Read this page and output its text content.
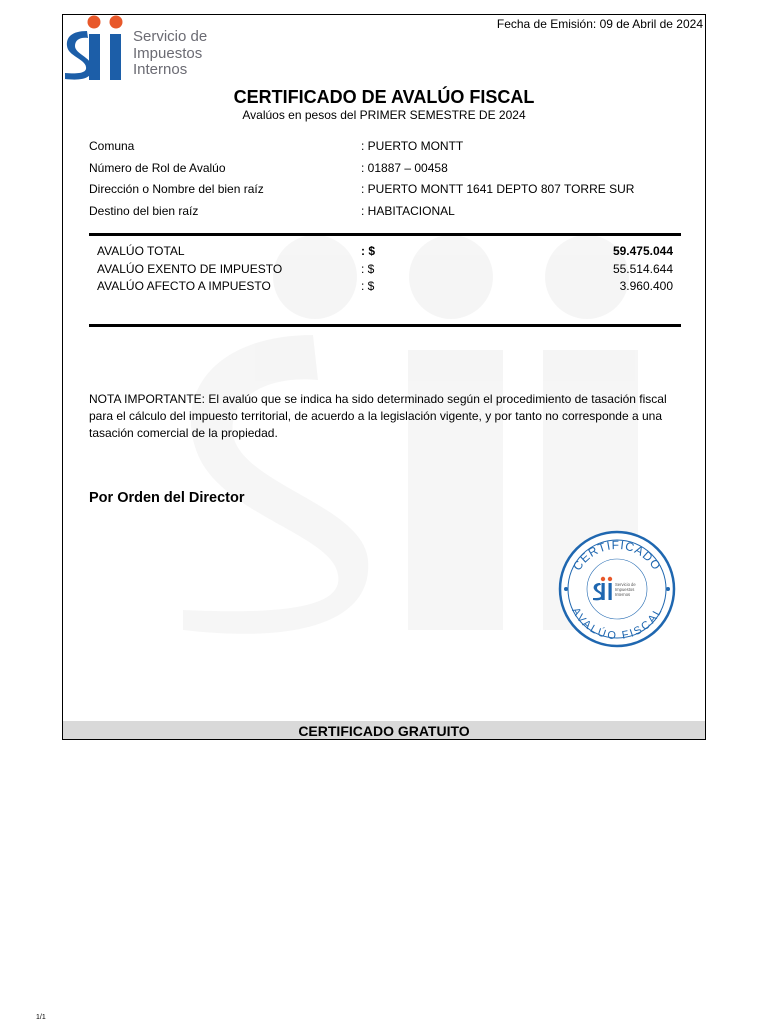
Fecha de Emisión: 09 de Abril de 2024
Servicio de
Impuestos
Internos
CERTIFICADO DE AVALÚO FISCAL
Avalúos en pesos del PRIMER SEMESTRE DE 2024
Comuna	: PUERTO MONTT
Número de Rol de Avalúo	: 01887 – 00458
Dirección o Nombre del bien raíz	: PUERTO MONTT 1641 DEPTO 807 TORRE SUR
Destino del bien raíz	: HABITACIONAL
AVALÚO TOTAL	: $	59.475.044
AVALÚO EXENTO DE IMPUESTO	: $	55.514.644
AVALÚO AFECTO A IMPUESTO	: $	3.960.400
NOTA IMPORTANTE: El avalúo que se indica ha sido determinado según el procedimiento de tasación fiscal para el cálculo del impuesto territorial, de acuerdo a la legislación vigente, y por tanto no corresponde a una tasación comercial de la propiedad.
Por Orden del Director
CERTIFICADO
AVALÚO FISCAL
Servicio de
Impuestos
Internos
CERTIFICADO GRATUITO
1/1
